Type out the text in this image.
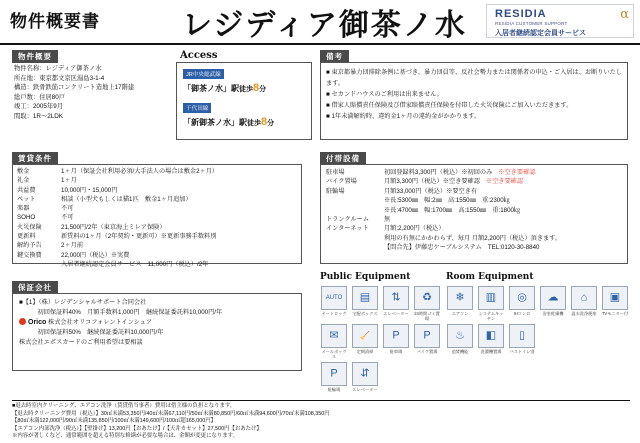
物件概要書	レジディア御茶ノ水	RESIDIA
RESIDIA CUSTOMER SUPPORT
入居者継続認定会員サービス
α
物件概要
物件名称：レジディア御茶ノ水
所在地：東京都文京区湯島3-1-4
構造：鉄骨鉄筋コンクリート造地上17階建
総戸数：住居80戸
竣工：2005年9月
間取：1R～2LDK
賃貸条件
敷金	1ヶ月（保証会社利用必須/大手法人の場合は敷金2ヶ月）
礼金	1ヶ月
共益費	10,000円・15,000円
ペット	相談（小型犬もしくは猫1匹　敷金1ヶ月追加）
楽器	不可
SOHO	不可
火災保険	21,500円/2年（東京海上ミレア保険）
更新料	新賃料の1ヶ月（2年契約・更新可）※更新事務手数料別
解約予告	2ヶ月前
鍵交換費	22,000円（税込）※実費
入居者継続認定会員サービス　11,000円（税込）/2年
保証会社
■【1】（株）レジデンシャルサポート合同会社
　　　初回保証料40%　月額手数料1,000円　継続保証委託料10,000円/年
Orico 株式会社オリコフォレントインシュア
　　　初回保証料50%　継続保証委託料10,000円/年
株式会社エポスカードのご利用希望は要相談
Access
JR中央総武線
「御茶ノ水」駅徒歩8分
千代田線
「新御茶ノ水」駅徒歩8分
備考
■ 東京都暴力団排除条例に基づき、暴力団員等、反社会勢力または関係者の申込・ご入居は、お断りいたします。
■ セカンドハウスのご利用は出来ません。
■ 借家人賠償責任保険及び借家賠償責任保険を付帯した火災保険にご加入いただきます。
■ 1年未満解約時、違約金1ヶ月の違約金がかかります。
付帯設備
駐車場	初回登録料3,300円（税込）※初回のみ ※空き要確認
バイク置場	月額3,300円（税込）※空き要確認 ※空き要確認
駐輪場	月額33,000円（税込）※要空き有
※長:5300㎜　幅:2㎜　高:1550㎜　重:2300㎏
※長:4700㎜　幅:1700㎜　高:1550㎜　重:1800㎏
トランクルーム	無
インターネット	月額:2,200円（税込）
利用の有無にかかわらず、毎月 月額2,200円（税込）頂きます。
【問合先】伊藤忠ケーブルシステム　TEL:0120-30-8840
Public Equipment
AUTO
オートロック
▤
宅配ボックス
⇅
エレベーター
♻
24時間ゴミ置場
✉
メールボックス
🧹
定期清掃
P
駐車場
P
バイク置場
P
駐輪場
⇵
エレベーター
Room Equipment
❄
エアコン
▥
システムキッチン
◎
IHコンロ
☁
浴室乾燥機
⌂
温水洗浄便座
▣
TVモニター付
♨
追焚機能
◧
洗濯機置場
▯
バストイレ別
■退去時室内クリーニング、エアコン洗浄（賃貸借当事者）費用は借主様の負担となります。
【退去時クリーニング費用（税込）】30㎡未満53,350円/40㎡未満67,110円/50㎡未満80,850円/60㎡未満94,600円/70㎡未満108,350円
【80㎡未満122,000円/90㎡未満135,850円/100㎡未満149,600円/100㎡超165,000円】
【エアコン内部洗浄（税込）】【壁掛け】13,200円【おあたけ】/【天井カセット】27,500円【おあたけ】
※内容が著しくなど、通常範囲を超える特別な修繕が必要な場合は、金額が変更になります。
